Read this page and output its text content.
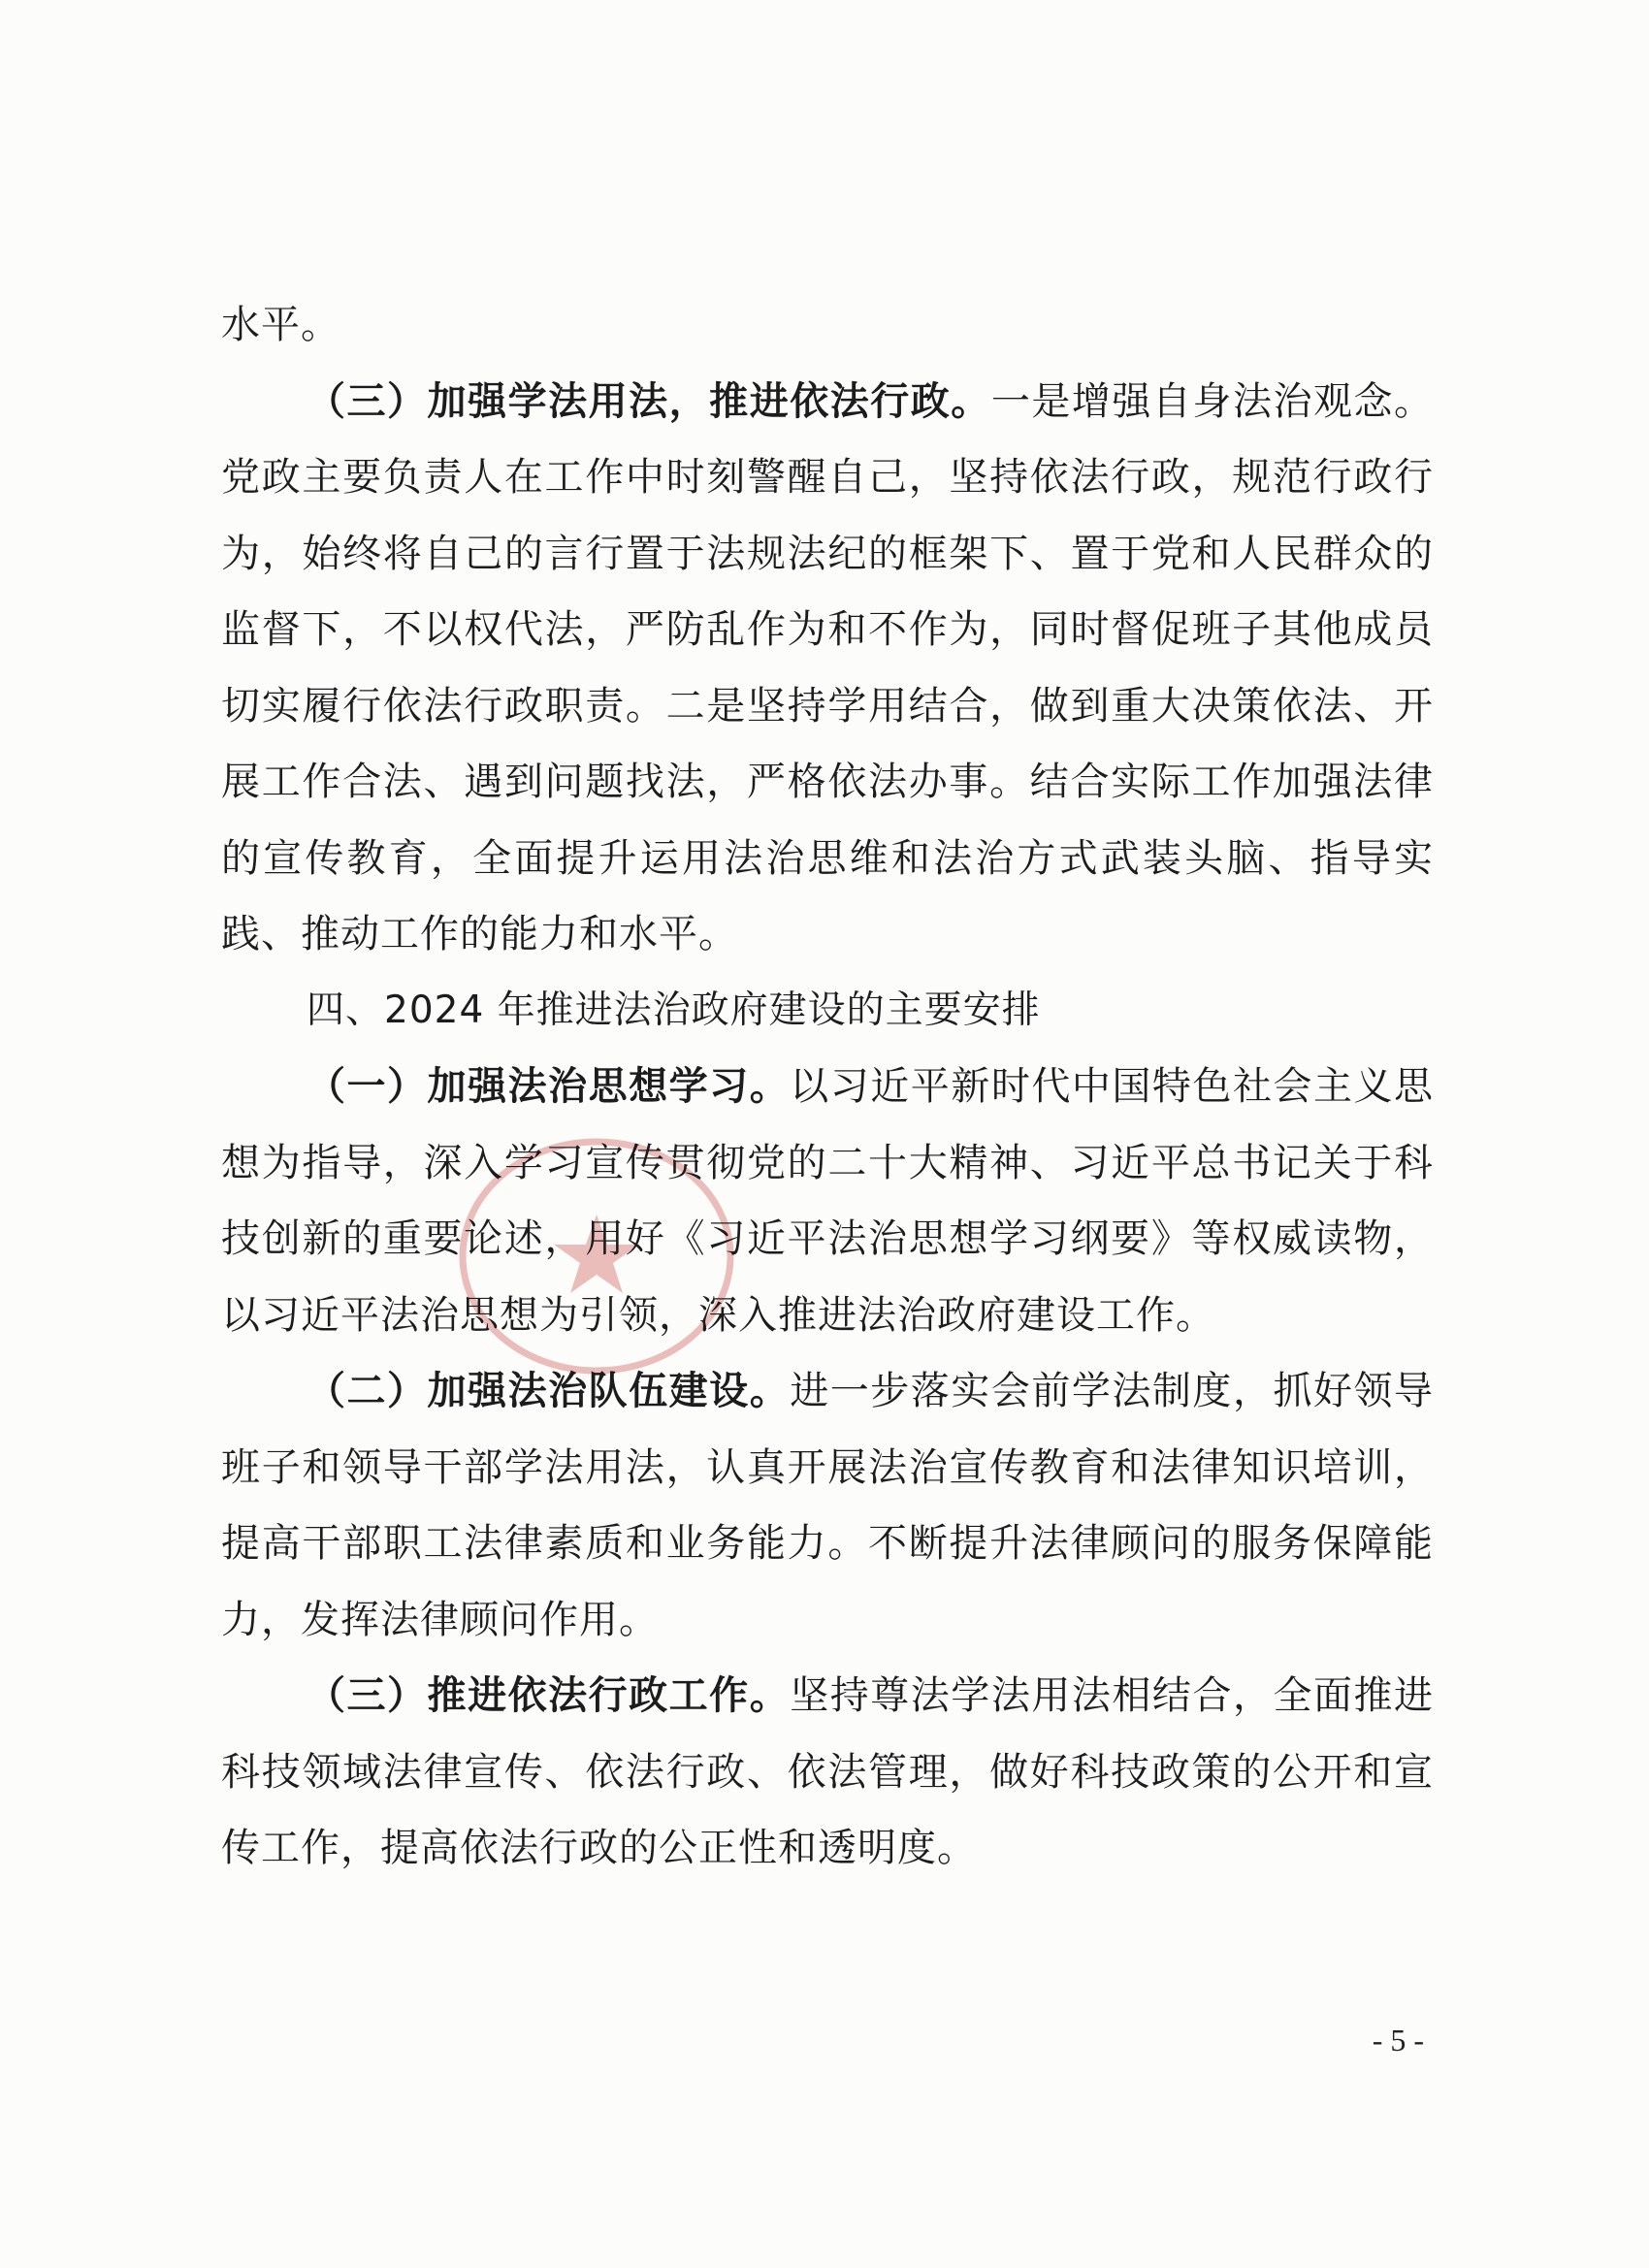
水平。

（三）加强学法用法，推进依法行政。一是增强自身法治观念。党政主要负责人在工作中时刻警醒自己，坚持依法行政，规范行政行为，始终将自己的言行置于法规法纪的框架下、置于党和人民群众的监督下，不以权代法，严防乱作为和不作为，同时督促班子其他成员切实履行依法行政职责。二是坚持学用结合，做到重大决策依法、开展工作合法、遇到问题找法，严格依法办事。结合实际工作加强法律的宣传教育，全面提升运用法治思维和法治方式武装头脑、指导实践、推动工作的能力和水平。

四、2024 年推进法治政府建设的主要安排

（一）加强法治思想学习。以习近平新时代中国特色社会主义思想为指导，深入学习宣传贯彻党的二十大精神、习近平总书记关于科技创新的重要论述，用好《习近平法治思想学习纲要》等权威读物，以习近平法治思想为引领，深入推进法治政府建设工作。

（二）加强法治队伍建设。进一步落实会前学法制度，抓好领导班子和领导干部学法用法，认真开展法治宣传教育和法律知识培训，提高干部职工法律素质和业务能力。不断提升法律顾问的服务保障能力，发挥法律顾问作用。

（三）推进依法行政工作。坚持尊法学法用法相结合，全面推进科技领域法律宣传、依法行政、依法管理，做好科技政策的公开和宣传工作，提高依法行政的公正性和透明度。

- 5 -
